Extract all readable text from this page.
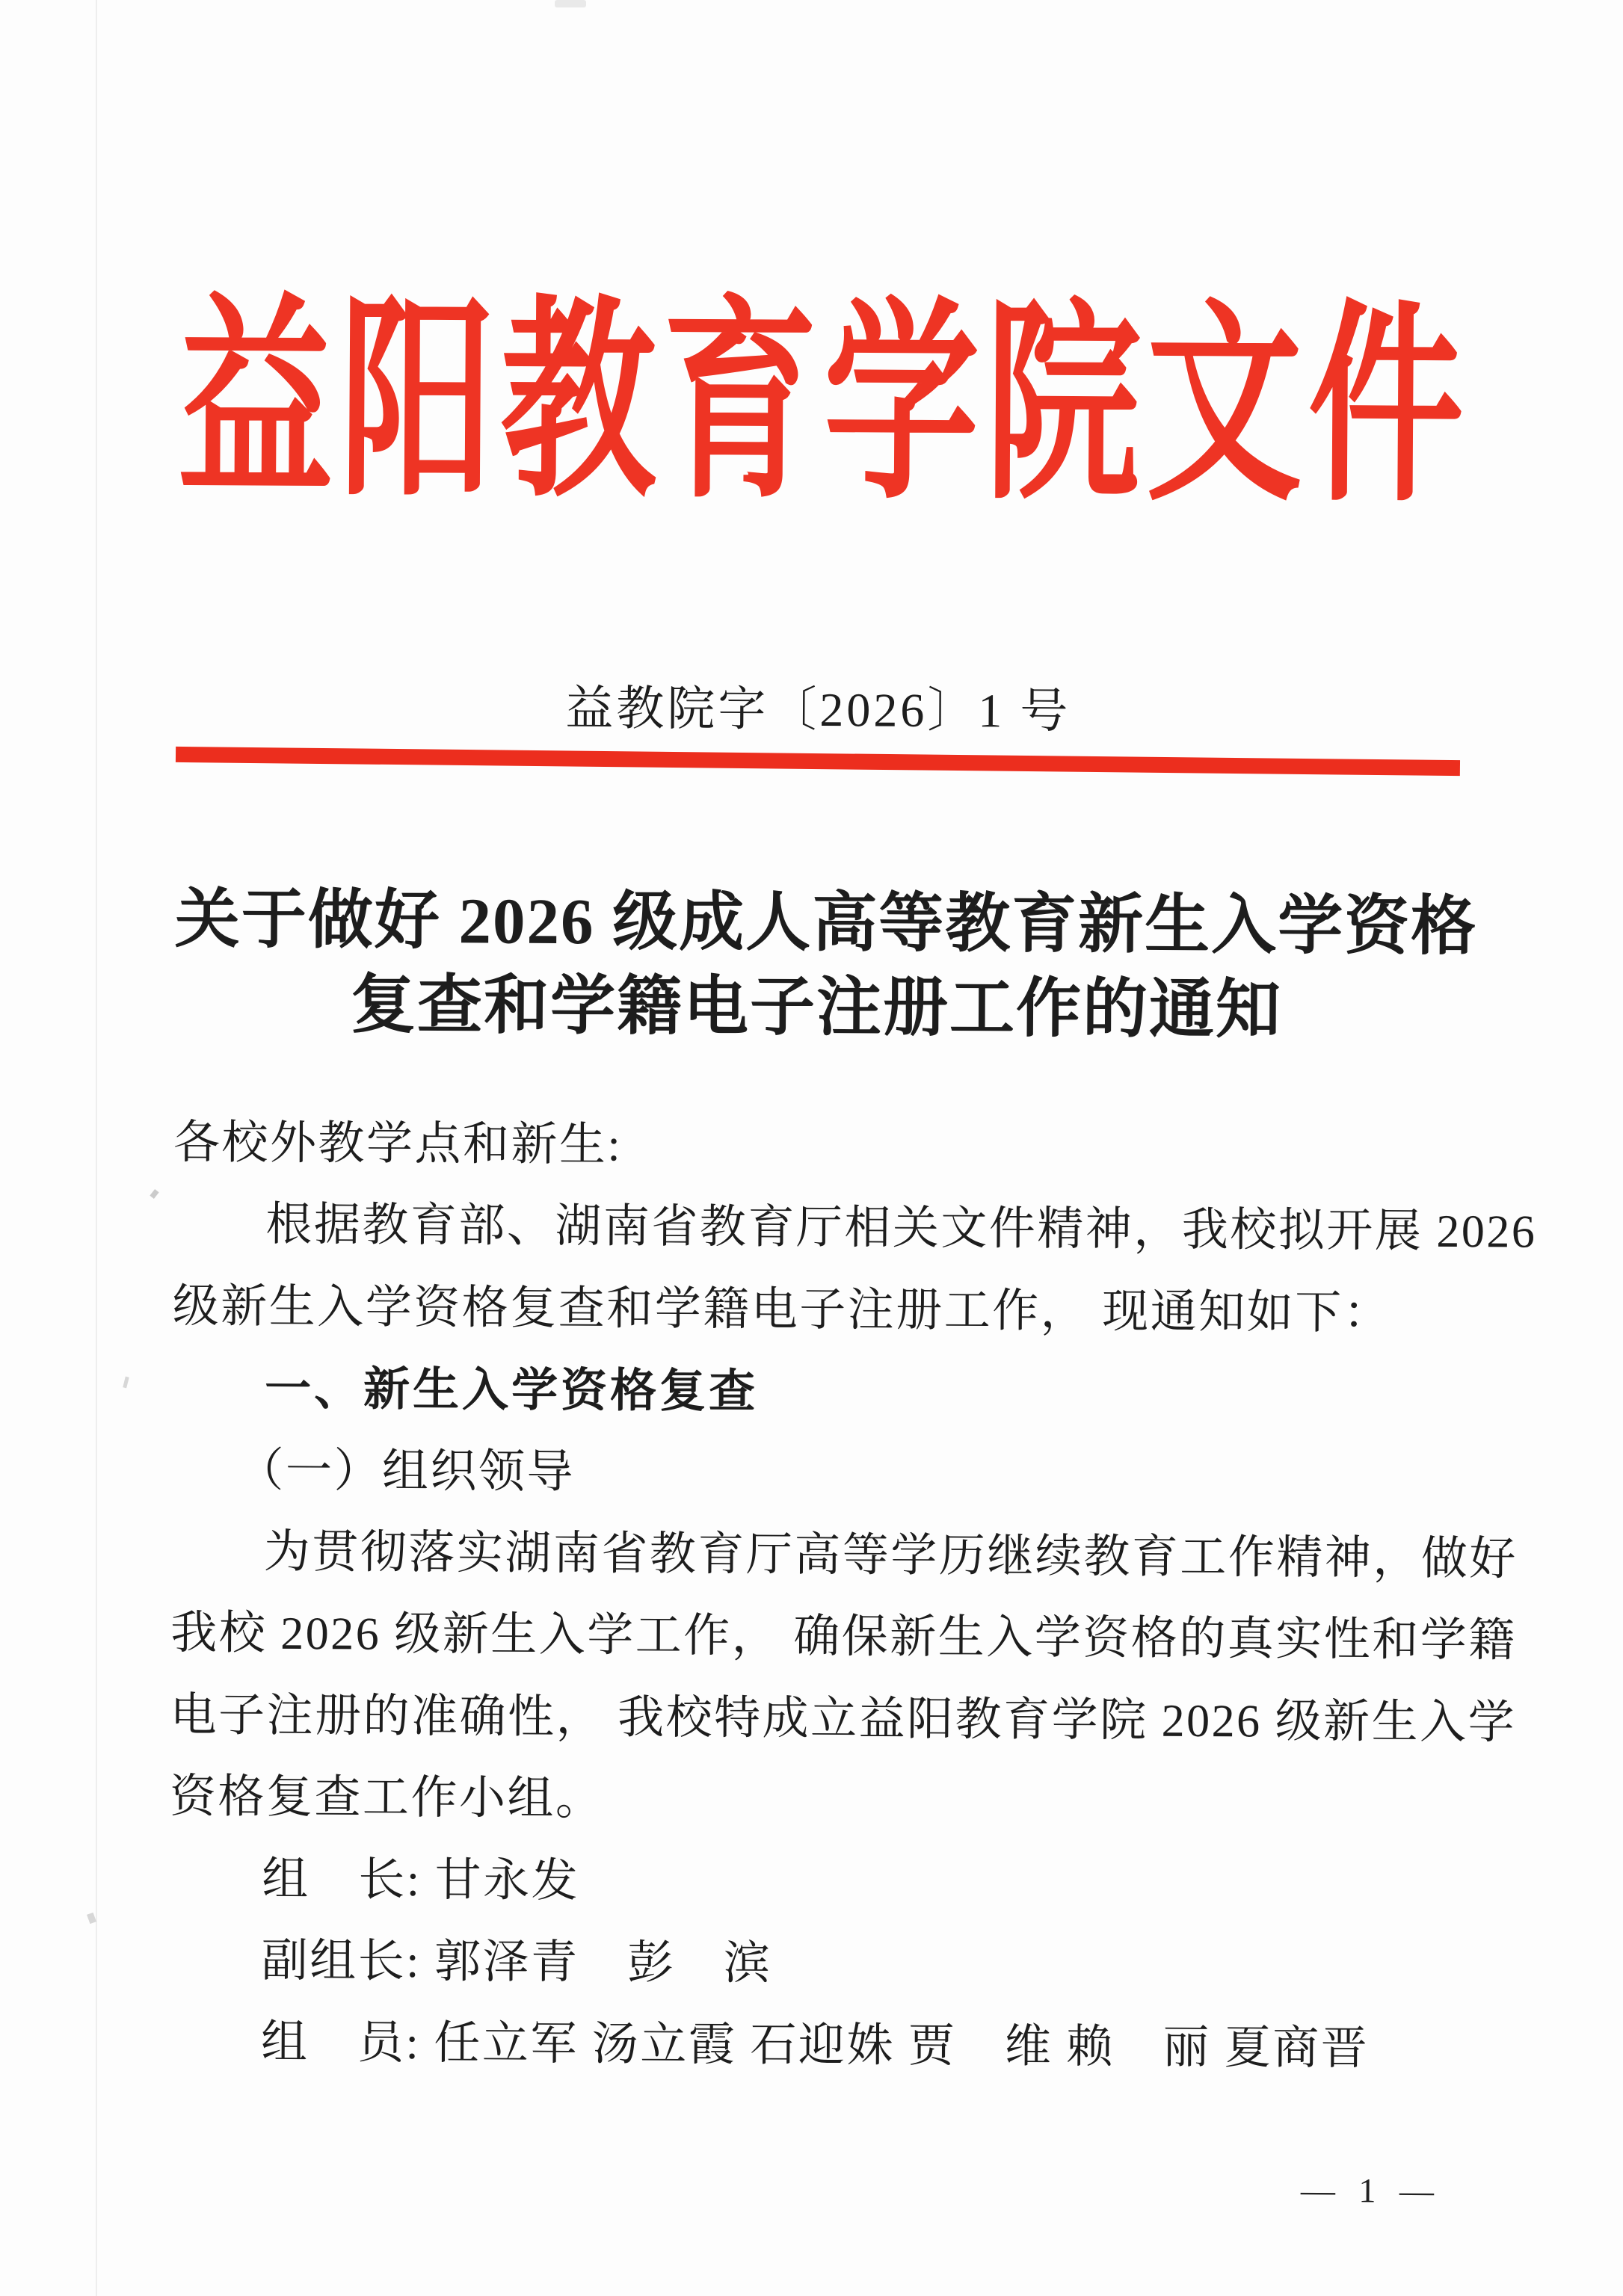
益阳教育学院文件
益教院字〔2026〕1 号
关于做好 2026 级成人高等教育新生入学资格
复查和学籍电子注册工作的通知
各校外教学点和新生:
根据教育部、湖南省教育厅相关文件精神，我校拟开展 2026
级新生入学资格复查和学籍电子注册工作， 现通知如下：
一、新生入学资格复查
（一）组织领导
为贯彻落实湖南省教育厅高等学历继续教育工作精神，做好
我校 2026 级新生入学工作， 确保新生入学资格的真实性和学籍
电子注册的准确性， 我校特成立益阳教育学院 2026 级新生入学
资格复查工作小组。
组　长: 甘永发
副组长: 郭泽青　彭　滨
组　员: 任立军 汤立霞 石迎姝 贾　维 赖　丽 夏商晋
— 1 —
